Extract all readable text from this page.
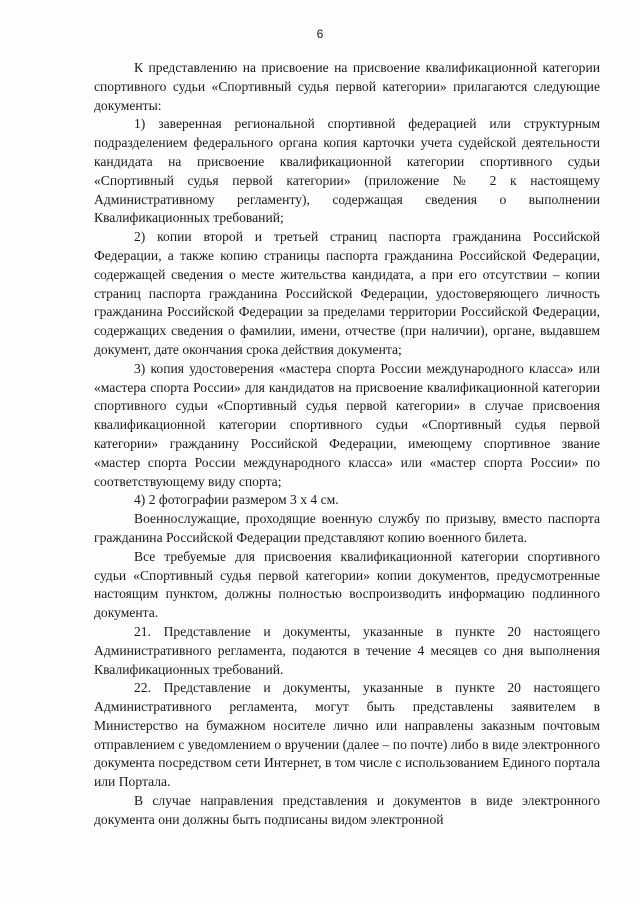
6

К представлению на присвоение на присвоение квалификационной категории спортивного судьи «Спортивный судья первой категории» прилагаются следующие документы:

1) заверенная региональной спортивной федерацией или структурным подразделением федерального органа копия карточки учета судейской деятельности кандидата на присвоение квалификационной категории спортивного судьи «Спортивный судья первой категории» (приложение № 2 к настоящему Административному регламенту), содержащая сведения о выполнении Квалификационных требований;

2) копии второй и третьей страниц паспорта гражданина Российской Федерации, а также копию страницы паспорта гражданина Российской Федерации, содержащей сведения о месте жительства кандидата, а при его отсутствии – копии страниц паспорта гражданина Российской Федерации, удостоверяющего личность гражданина Российской Федерации за пределами территории Российской Федерации, содержащих сведения о фамилии, имени, отчестве (при наличии), органе, выдавшем документ, дате окончания срока действия документа;

3) копия удостоверения «мастера спорта России международного класса» или «мастера спорта России» для кандидатов на присвоение квалификационной категории спортивного судьи «Спортивный судья первой категории» в случае присвоения квалификационной категории спортивного судьи «Спортивный судья первой категории» гражданину Российской Федерации, имеющему спортивное звание «мастер спорта России международного класса» или «мастер спорта России» по соответствующему виду спорта;

4) 2 фотографии размером 3 х 4 см.

Военнослужащие, проходящие военную службу по призыву, вместо паспорта гражданина Российской Федерации представляют копию военного билета.

Все требуемые для присвоения квалификационной категории спортивного судьи «Спортивный судья первой категории» копии документов, предусмотренные настоящим пунктом, должны полностью воспроизводить информацию подлинного документа.

21. Представление и документы, указанные в пункте 20 настоящего Административного регламента, подаются в течение 4 месяцев со дня выполнения Квалификационных требований.

22. Представление и документы, указанные в пункте 20 настоящего Административного регламента, могут быть представлены заявителем в Министерство на бумажном носителе лично или направлены заказным почтовым отправлением с уведомлением о вручении (далее – по почте) либо в виде электронного документа посредством сети Интернет, в том числе с использованием Единого портала или Портала.

В случае направления представления и документов в виде электронного документа они должны быть подписаны видом электронной
